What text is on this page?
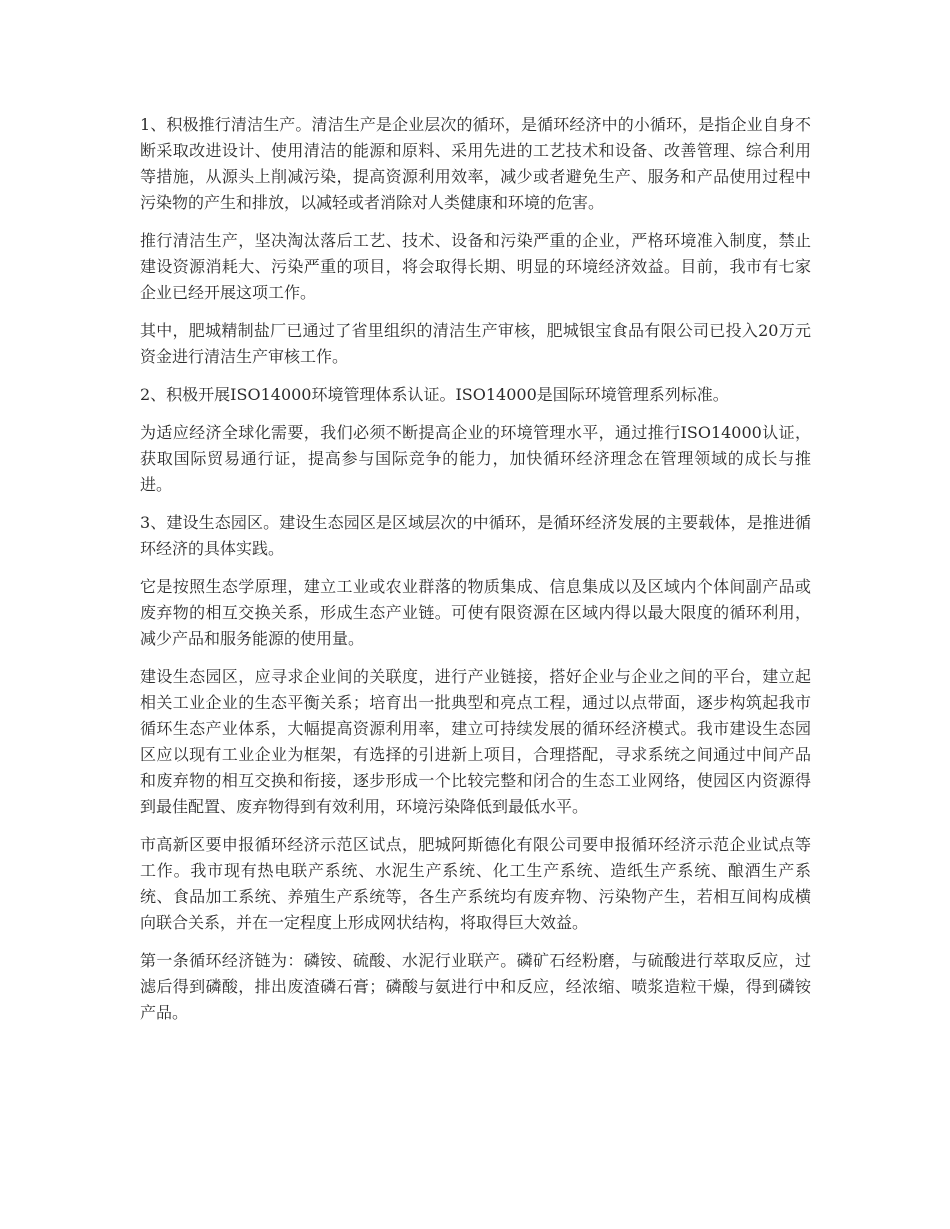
1、积极推行清洁生产。清洁生产是企业层次的循环，是循环经济中的小循环，是指企业自身不断采取改进设计、使用清洁的能源和原料、采用先进的工艺技术和设备、改善管理、综合利用等措施，从源头上削减污染，提高资源利用效率，减少或者避免生产、服务和产品使用过程中污染物的产生和排放，以减轻或者消除对人类健康和环境的危害。

推行清洁生产，坚决淘汰落后工艺、技术、设备和污染严重的企业，严格环境准入制度，禁止建设资源消耗大、污染严重的项目，将会取得长期、明显的环境经济效益。目前，我市有七家企业已经开展这项工作。

其中，肥城精制盐厂已通过了省里组织的清洁生产审核，肥城银宝食品有限公司已投入20万元资金进行清洁生产审核工作。

2、积极开展ISO14000环境管理体系认证。ISO14000是国际环境管理系列标准。

为适应经济全球化需要，我们必须不断提高企业的环境管理水平，通过推行ISO14000认证，获取国际贸易通行证，提高参与国际竞争的能力，加快循环经济理念在管理领域的成长与推进。

3、建设生态园区。建设生态园区是区域层次的中循环，是循环经济发展的主要载体，是推进循环经济的具体实践。

它是按照生态学原理，建立工业或农业群落的物质集成、信息集成以及区域内个体间副产品或废弃物的相互交换关系，形成生态产业链。可使有限资源在区域内得以最大限度的循环利用，减少产品和服务能源的使用量。

建设生态园区，应寻求企业间的关联度，进行产业链接，搭好企业与企业之间的平台，建立起相关工业企业的生态平衡关系；培育出一批典型和亮点工程，通过以点带面，逐步构筑起我市循环生态产业体系，大幅提高资源利用率，建立可持续发展的循环经济模式。我市建设生态园区应以现有工业企业为框架，有选择的引进新上项目，合理搭配，寻求系统之间通过中间产品和废弃物的相互交换和衔接，逐步形成一个比较完整和闭合的生态工业网络，使园区内资源得到最佳配置、废弃物得到有效利用，环境污染降低到最低水平。

市高新区要申报循环经济示范区试点，肥城阿斯德化有限公司要申报循环经济示范企业试点等工作。我市现有热电联产系统、水泥生产系统、化工生产系统、造纸生产系统、酿酒生产系统、食品加工系统、养殖生产系统等，各生产系统均有废弃物、污染物产生，若相互间构成横向联合关系，并在一定程度上形成网状结构，将取得巨大效益。

第一条循环经济链为：磷铵、硫酸、水泥行业联产。磷矿石经粉磨，与硫酸进行萃取反应，过滤后得到磷酸，排出废渣磷石膏；磷酸与氨进行中和反应，经浓缩、喷浆造粒干燥，得到磷铵产品。
